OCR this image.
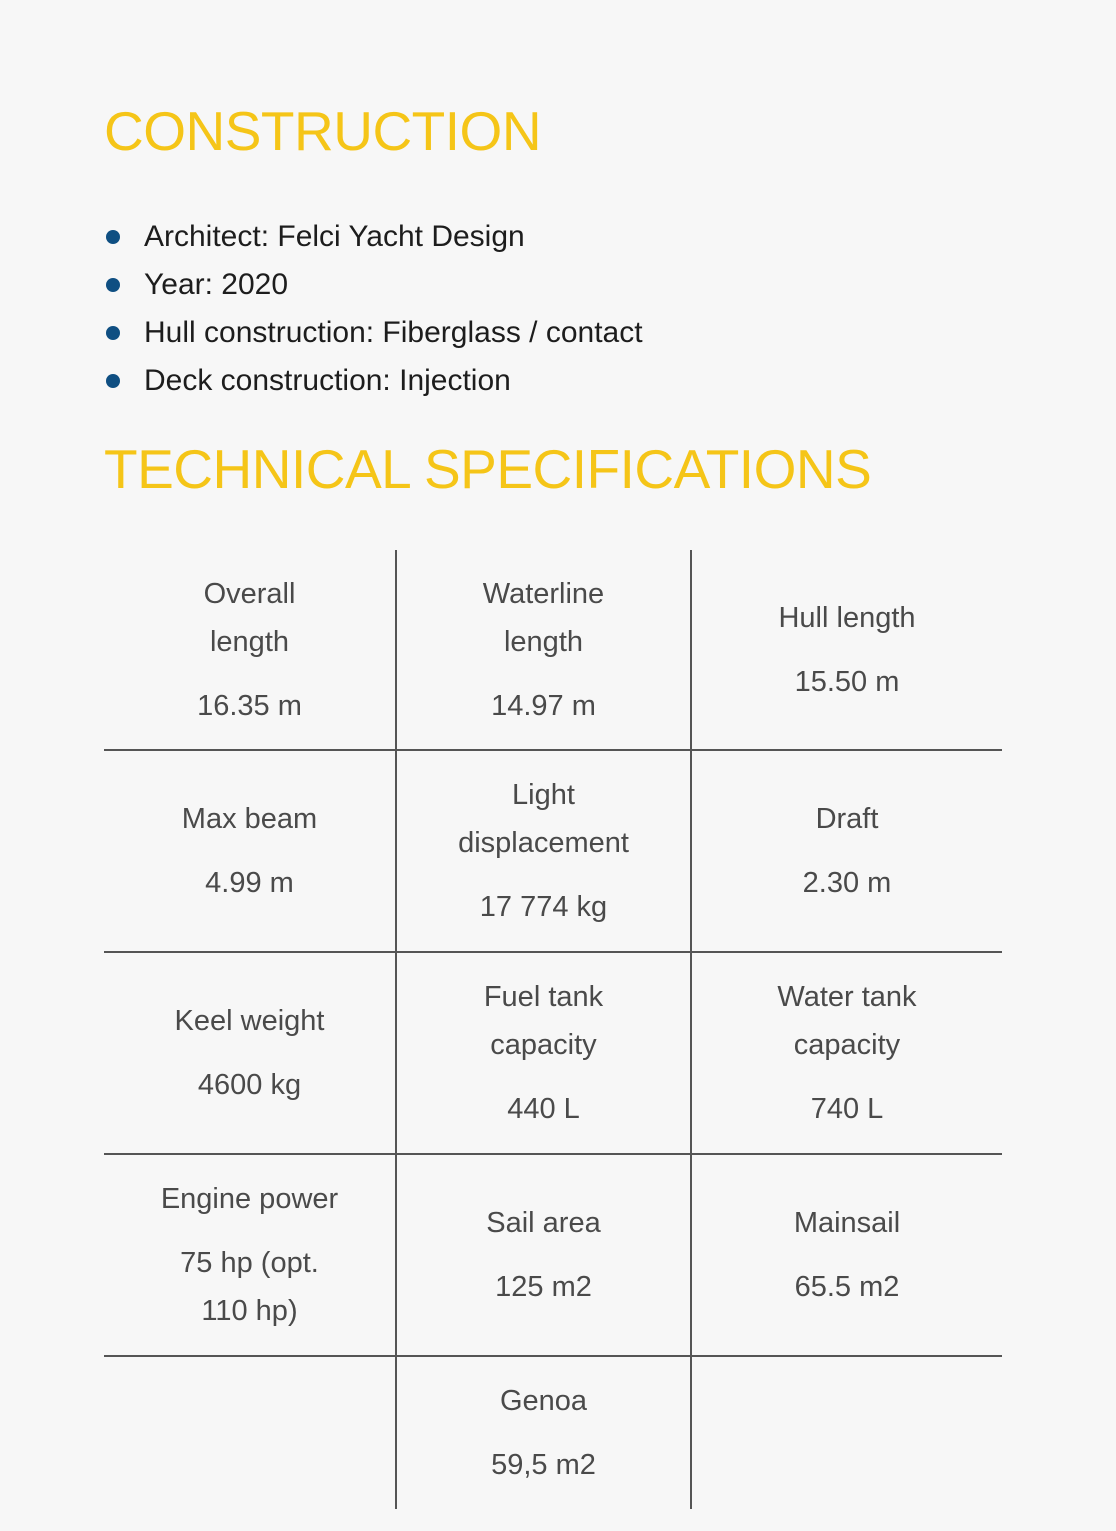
CONSTRUCTION
Architect: Felci Yacht Design
Year: 2020
Hull construction: Fiberglass / contact
Deck construction: Injection
TECHNICAL SPECIFICATIONS
Overall
length
16.35 m
Waterline
length
14.97 m
Hull length
15.50 m
Max beam
4.99 m
Light
displacement
17 774 kg
Draft
2.30 m
Keel weight
4600 kg
Fuel tank
capacity
440 L
Water tank
capacity
740 L
Engine power
75 hp (opt.
110 hp)
Sail area
125 m2
Mainsail
65.5 m2
Genoa
59,5 m2
